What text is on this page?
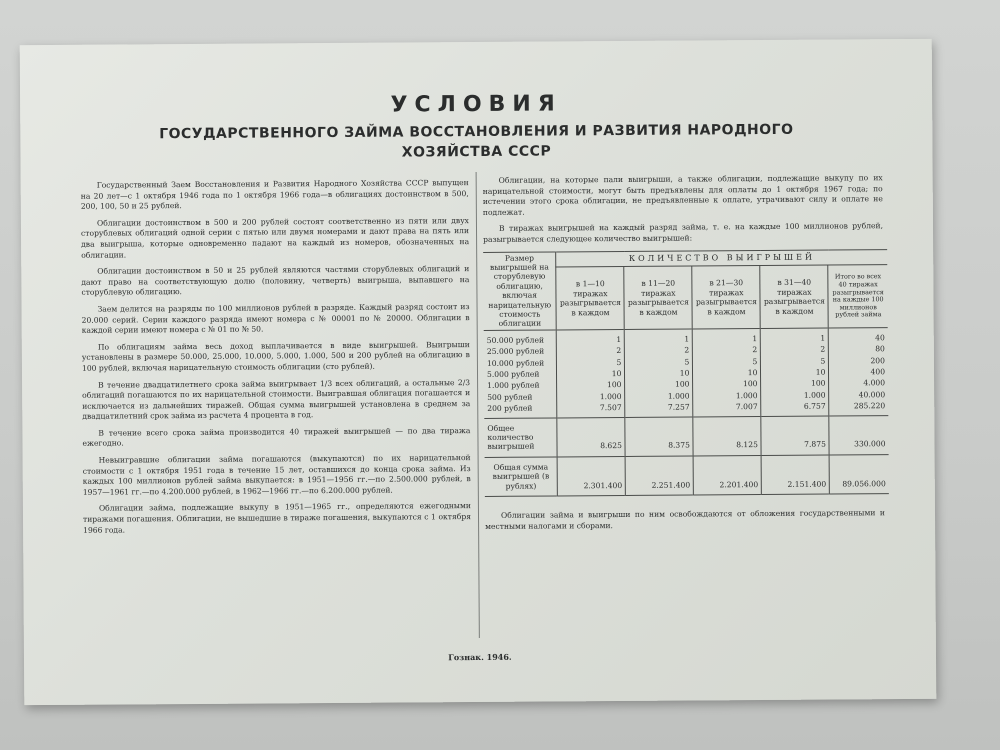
УСЛОВИЯ
ГОСУДАРСТВЕННОГО ЗАЙМА ВОССТАНОВЛЕНИЯ И РАЗВИТИЯ НАРОДНОГО
ХОЗЯЙСТВА СССР

Государственный Заем Восстановления и Развития Народного Хозяйства СССР выпущен на 20 лет—с 1 октября 1946 года по 1 октября 1966 года—в облигациях достоинством в 500, 200, 100, 50 и 25 рублей.

Облигации достоинством в 500 и 200 рублей состоят соответственно из пяти или двух сторублевых облигаций одной серии с пятью или двумя номерами и дают права на пять или два выигрыша, которые одновременно падают на каждый из номеров, обозначенных на облигации.

Облигации достоинством в 50 и 25 рублей являются частями сторублевых облигаций и дают право на соответствующую долю (половину, четверть) выигрыша, выпавшего на сторублевую облигацию.

Заем делится на разряды по 100 миллионов рублей в разряде. Каждый разряд состоит из 20.000 серий. Серии каждого разряда имеют номера с № 00001 по № 20000. Облигации в каждой серии имеют номера с № 01 по № 50.

По облигациям займа весь доход выплачивается в виде выигрышей. Выигрыши установлены в размере 50.000, 25.000, 10.000, 5.000, 1.000, 500 и 200 рублей на облигацию в 100 рублей, включая нарицательную стоимость облигации (сто рублей).

В течение двадцатилетнего срока займа выигрывает 1/3 всех облигаций, а остальные 2/3 облигаций погашаются по их нарицательной стоимости. Выигравшая облигация погашается и исключается из дальнейших тиражей. Общая сумма выигрышей установлена в среднем за двадцатилетний срок займа из расчета 4 процента в год.

В течение всего срока займа производится 40 тиражей выигрышей — по два тиража ежегодно.

Невыигравшие облигации займа погашаются (выкупаются) по их нарицательной стоимости с 1 октября 1951 года в течение 15 лет, оставшихся до конца срока займа. Из каждых 100 миллионов рублей займа выкупается: в 1951—1956 гг.—по 2.500.000 рублей, в 1957—1961 гг.—по 4.200.000 рублей, в 1962—1966 гг.—по 6.200.000 рублей.

Облигации займа, подлежащие выкупу в 1951—1965 гг., определяются ежегодными тиражами погашения. Облигации, не вышедшие в тираже погашения, выкупаются с 1 октября 1966 года.

Облигации, на которые пали выигрыши, а также облигации, подлежащие выкупу по их нарицательной стоимости, могут быть предъявлены для оплаты до 1 октября 1967 года; по истечении этого срока облигации, не предъявленные к оплате, утрачивают силу и оплате не подлежат.

В тиражах выигрышей на каждый разряд займа, т. е. на каждые 100 миллионов рублей, разыгрывается следующее количество выигрышей:

Размер выигрышей на сторублевую облигацию, включая нарицательную стоимость облигации	КОЛИЧЕСТВО ВЫИГРЫШЕЙ				
	в 1—10 тиражах разыгрывается в каждом	в 11—20 тиражах разыгрывается в каждом	в 21—30 тиражах разыгрывается в каждом	в 31—40 тиражах разыгрывается в каждом	Итого во всех 40 тиражах разыгрывается на каждые 100 миллионов рублей займа
50.000 рублей	1	1	1	1	40
25.000 рублей	2	2	2	2	80
10.000 рублей	5	5	5	5	200
5.000 рублей	10	10	10	10	400
1.000 рублей	100	100	100	100	4.000
500 рублей	1.000	1.000	1.000	1.000	40.000
200 рублей	7.507	7.257	7.007	6.757	285.220
Общее количество выигрышей	8.625	8.375	8.125	7.875	330.000
Общая сумма выигрышей (в рублях)	2.301.400	2.251.400	2.201.400	2.151.400	89.056.000

Облигации займа и выигрыши по ним освобождаются от обложения государственными и местными налогами и сборами.

Гознак. 1946.
